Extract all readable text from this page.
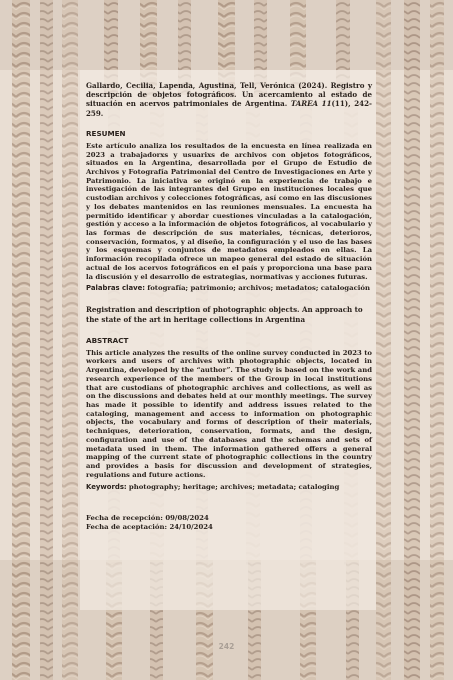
Gallardo, Cecilia, Lapenda, Agustina, Tell, Verónica (2024). Registro y descripción de objetos fotográficos. Un acercamiento al estado de situación en acervos patrimoniales de Argentina. TAREA 11(11), 242-259.

RESUMEN

Este artículo analiza los resultados de la encuesta en línea realizada en 2023 a trabajadorxs y usuarixs de archivos con objetos fotográficos, situados en la Argentina, desarrollada por el Grupo de Estudio de Archivos y Fotografía Patrimonial del Centro de Investigaciones en Arte y Patrimonio. La iniciativa se originó en la experiencia de trabajo e investigación de las integrantes del Grupo en instituciones locales que custodian archivos y colecciones fotográficas, así como en las discusiones y los debates mantenidos en las reuniones mensuales. La encuesta ha permitido identificar y abordar cuestiones vinculadas a la catalogación, gestión y acceso a la información de objetos fotográficos, al vocabulario y las formas de descripción de sus materiales, técnicas, deterioros, conservación, formatos, y al diseño, la configuración y el uso de las bases y los esquemas y conjuntos de metadatos empleados en ellas. La información recopilada ofrece un mapeo general del estado de situación actual de los acervos fotográficos en el país y proporciona una base para la discusión y el desarrollo de estrategias, normativas y acciones futuras.

Palabras clave: fotografía; patrimonio; archivos; metadatos; catalogación

Registration and description of photographic objects. An approach to the state of the art in heritage collections in Argentina

ABSTRACT

This article analyzes the results of the online survey conducted in 2023 to workers and users of archives with photographic objects, located in Argentina, developed by the “author”. The study is based on the work and research experience of the members of the Group in local institutions that are custodians of photographic archives and collections, as well as on the discussions and debates held at our monthly meetings. The survey has made it possible to identify and address issues related to the cataloging, management and access to information on photographic objects, the vocabulary and forms of description of their materials, techniques, deterioration, conservation, formats, and the design, configuration and use of the databases and the schemas and sets of metadata used in them. The information gathered offers a general mapping of the current state of photographic collections in the country and provides a basis for discussion and development of strategies, regulations and future actions.

Keywords: photography; heritage; archives; metadata; cataloging

Fecha de recepción: 09/08/2024

Fecha de aceptación: 24/10/2024

242
